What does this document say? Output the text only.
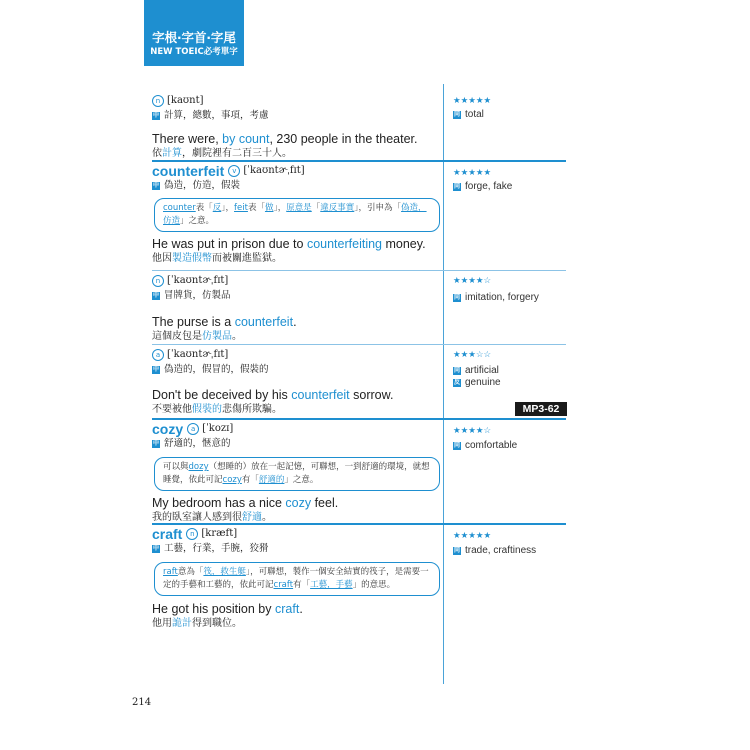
字根‧字首‧字尾
NEW TOEIC必考單字
n [kaʊnt]
中 計算，總數，事項，考慮
There were, by count, 230 people in the theater.
依計算，劇院裡有二百三十人。
★★★★★
同 total
counterfeit	v [ˈkaʊntɚˌfɪt]
中 偽造，仿造，假裝
counter表「反」，feit表「做」，原意是「違反事實」，引申為「偽造，仿造」之意。
He was put in prison due to counterfeiting money.
他因製造假幣而被關進監獄。
★★★★★
同 forge, fake
n [ˈkaʊntɚˌfɪt]
中 冒牌貨，仿製品
The purse is a counterfeit.
這個皮包是仿製品。
★★★★☆
同 imitation, forgery
a [ˈkaʊntɚˌfɪt]
中 偽造的，假冒的，假裝的
Don't be deceived by his counterfeit sorrow.
不要被他假裝的悲傷所欺騙。
★★★☆☆
同 artificial
反 genuine
MP3-62
cozy	a [ˈkozɪ]
中 舒適的，愜意的
可以與dozy（想睡的）放在一起記憶，可聯想，一到舒適的環境，就想睡覺，依此可記cozy有「舒適的」之意。
My bedroom has a nice cozy feel.
我的臥室讓人感到很舒適。
★★★★☆
同 comfortable
craft	n [kræft]
中 工藝，行業，手腕，狡猾
raft意為「筏，救生艇」，可聯想，製作一個安全結實的筏子，是需要一定的手藝和工藝的，依此可記craft有「工藝，手藝」的意思。
He got his position by craft.
他用詭計得到職位。
★★★★★
同 trade, craftiness
214
